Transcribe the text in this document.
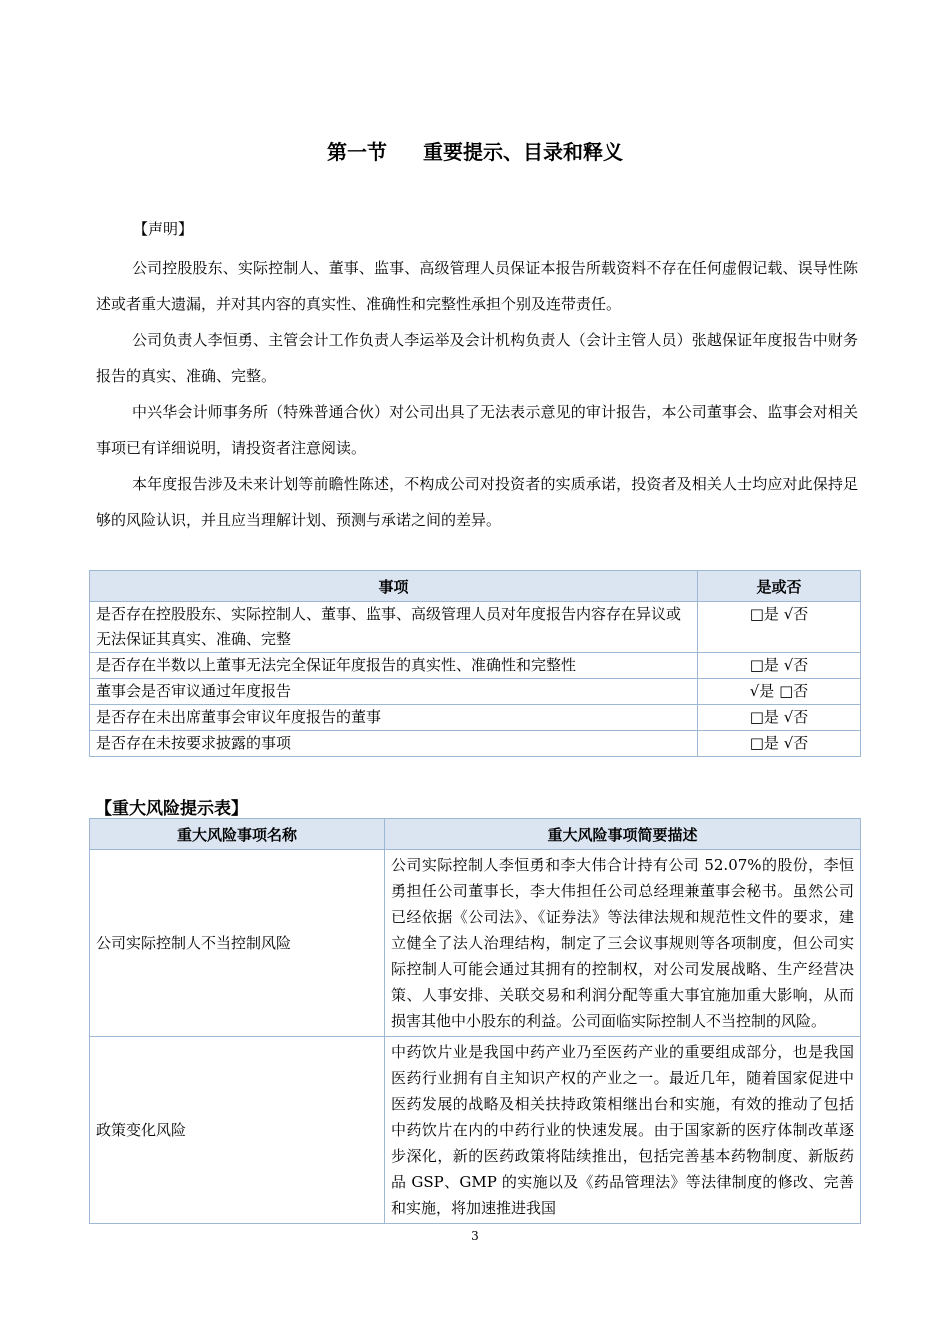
第一节 重要提示、目录和释义
【声明】

公司控股股东、实际控制人、董事、监事、高级管理人员保证本报告所载资料不存在任何虚假记载、误导性陈述或者重大遗漏，并对其内容的真实性、准确性和完整性承担个别及连带责任。

公司负责人李恒勇、主管会计工作负责人李运举及会计机构负责人（会计主管人员）张越保证年度报告中财务报告的真实、准确、完整。

中兴华会计师事务所（特殊普通合伙）对公司出具了无法表示意见的审计报告，本公司董事会、监事会对相关事项已有详细说明，请投资者注意阅读。

本年度报告涉及未来计划等前瞻性陈述，不构成公司对投资者的实质承诺，投资者及相关人士均应对此保持足够的风险认识，并且应当理解计划、预测与承诺之间的差异。

事项	是或否
是否存在控股股东、实际控制人、董事、监事、高级管理人员对年度报告内容存在异议或无法保证其真实、准确、完整	□是 √否
是否存在半数以上董事无法完全保证年度报告的真实性、准确性和完整性	□是 √否
董事会是否审议通过年度报告	√是 □否
是否存在未出席董事会审议年度报告的董事	□是 √否
是否存在未按要求披露的事项	□是 √否
【重大风险提示表】
重大风险事项名称	重大风险事项简要描述
公司实际控制人不当控制风险	公司实际控制人李恒勇和李大伟合计持有公司 52.07%的股份，李恒勇担任公司董事长，李大伟担任公司总经理兼董事会秘书。虽然公司已经依据《公司法》、《证券法》等法律法规和规范性文件的要求，建立健全了法人治理结构，制定了三会议事规则等各项制度，但公司实际控制人可能会通过其拥有的控制权，对公司发展战略、生产经营决策、人事安排、关联交易和利润分配等重大事宜施加重大影响，从而损害其他中小股东的利益。公司面临实际控制人不当控制的风险。
政策变化风险	中药饮片业是我国中药产业乃至医药产业的重要组成部分，也是我国医药行业拥有自主知识产权的产业之一。最近几年，随着国家促进中医药发展的战略及相关扶持政策相继出台和实施，有效的推动了包括中药饮片在内的中药行业的快速发展。由于国家新的医疗体制改革逐步深化，新的医药政策将陆续推出，包括完善基本药物制度、新版药品 GSP、GMP 的实施以及《药品管理法》等法律制度的修改、完善和实施，将加速推进我国
3
